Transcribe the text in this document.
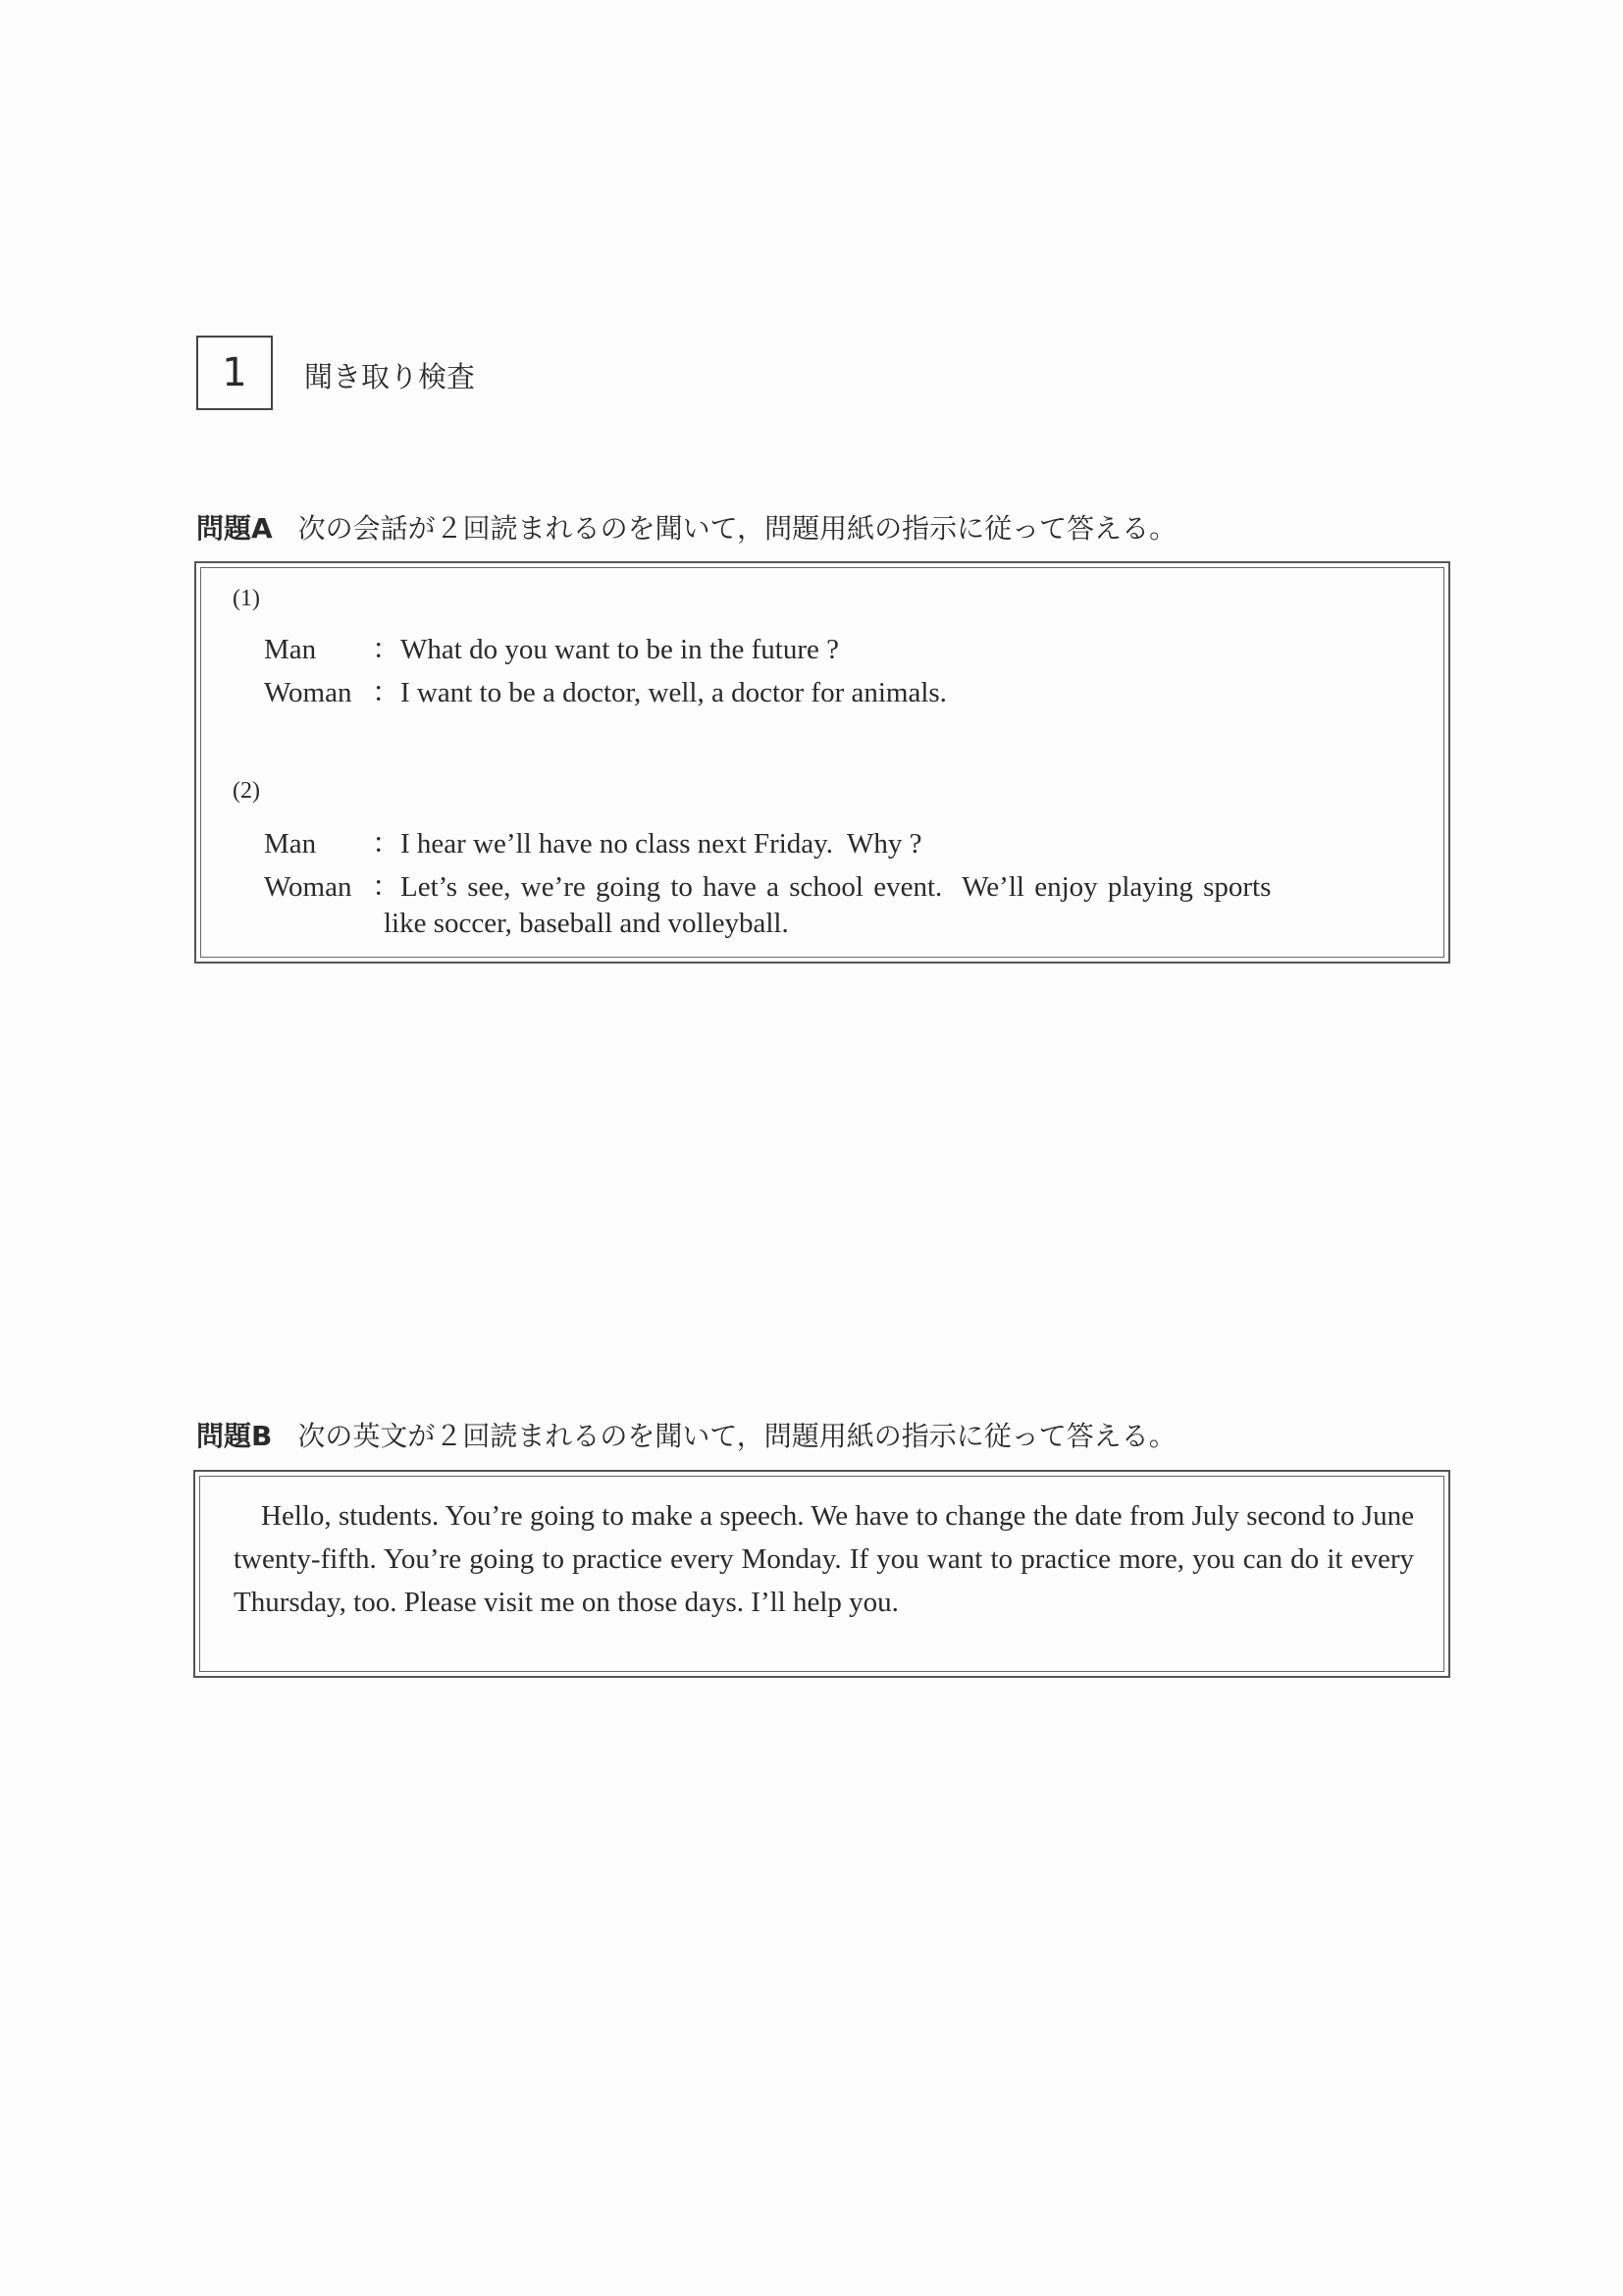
1	聞き取り検査
問題A 次の会話が２回読まれるのを聞いて，問題用紙の指示に従って答える。
(1)
Man ：What do you want to be in the future ?
Woman ：I want to be a doctor, well, a doctor for animals.
(2)
Man ：I hear we’ll have no class next Friday.  Why ?
Woman ：Let’s see, we’re going to have a school event.  We’ll enjoy playing sports
like soccer, baseball and volleyball.
問題B 次の英文が２回読まれるのを聞いて，問題用紙の指示に従って答える。
Hello, students. You’re going to make a speech. We have to change the date from July second to June twenty-fifth. You’re going to practice every Monday. If you want to practice more, you can do it every Thursday, too. Please visit me on those days. I’ll help you.
